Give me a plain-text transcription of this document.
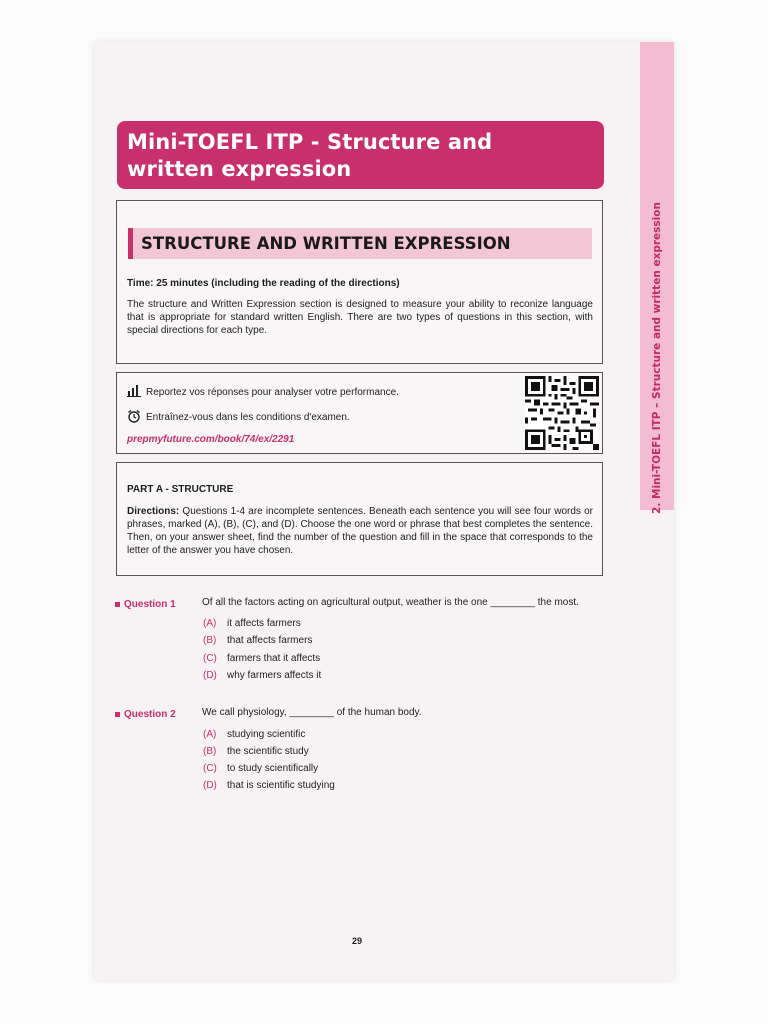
2. Mini-TOEFL ITP – Structure and written expression
Mini-TOEFL ITP - Structure and
written expression
STRUCTURE AND WRITTEN EXPRESSION
Time: 25 minutes (including the reading of the directions)
The structure and Written Expression section is designed to measure your ability to reconize language that is appropriate for standard written English. There are two types of questions in this section, with special directions for each type.
Reportez vos réponses pour analyser votre performance.
Entraînez-vous dans les conditions d'examen.
prepmyfuture.com/book/74/ex/2291
PART A - STRUCTURE
Directions: Questions 1-4 are incomplete sentences. Beneath each sentence you will see four words or phrases, marked (A), (B), (C), and (D). Choose the one word or phrase that best completes the sentence. Then, on your answer sheet, find the number of the question and fill in the space that corresponds to the letter of the answer you have chosen.
Question 1	Of all the factors acting on agricultural output, weather is the one ________ the most.
(A) it affects farmers
(B) that affects farmers
(C) farmers that it affects
(D) why farmers affects it
Question 2	We call physiology, ________ of the human body.
(A) studying scientific
(B) the scientific study
(C) to study scientifically
(D) that is scientific studying
29
